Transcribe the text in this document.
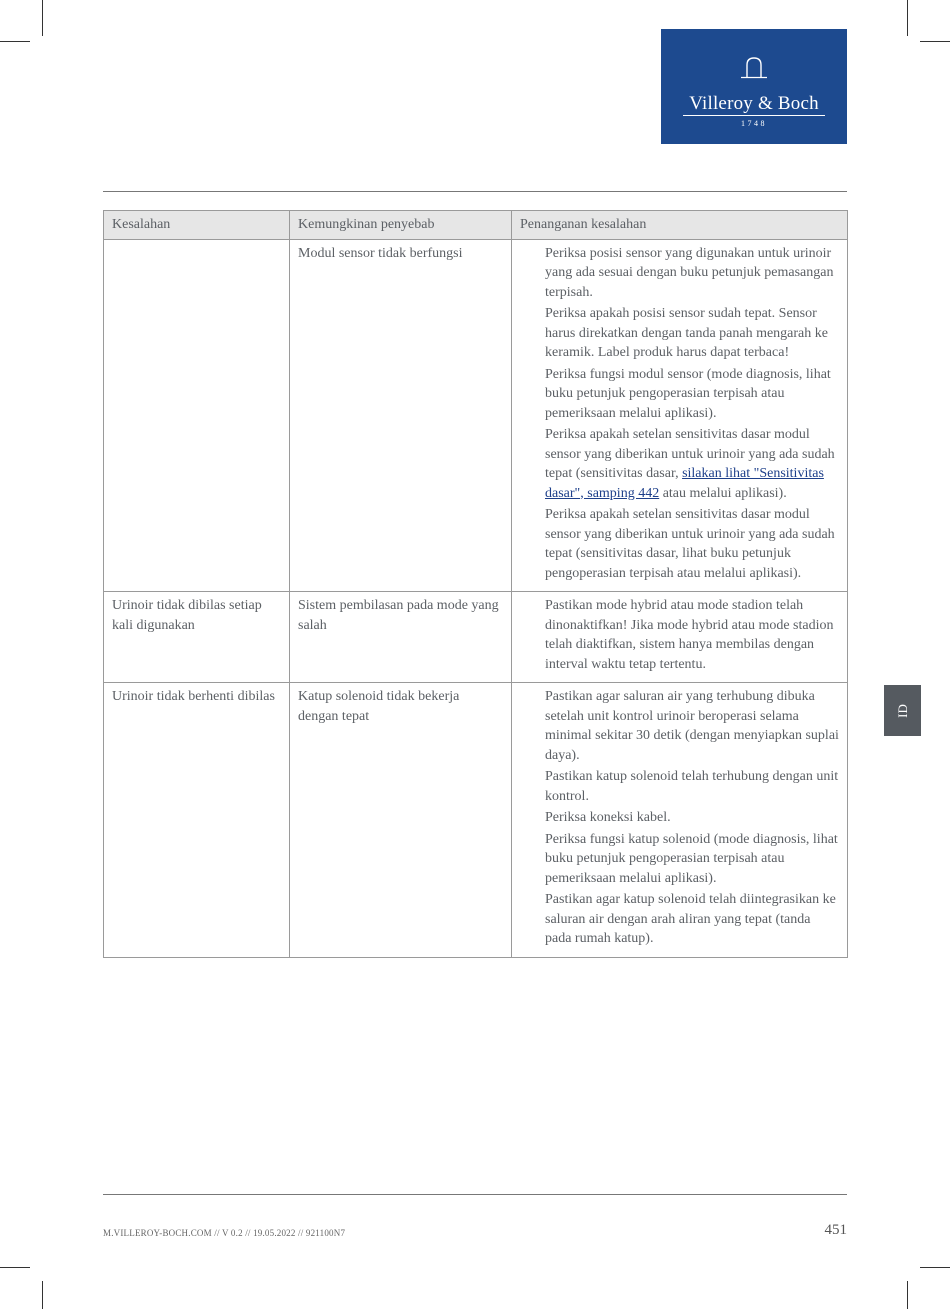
Villeroy & Boch
1748
Kesalahan	Kemungkinan penyebab	Penanganan kesalahan
	Modul sensor tidak berfungsi	Periksa posisi sensor yang digunakan untuk urinoir yang ada sesuai dengan buku petunjuk pemasangan terpisah.

Periksa apakah posisi sensor sudah tepat. Sensor harus direkatkan dengan tanda panah mengarah ke keramik. Label produk harus dapat terbaca!

Periksa fungsi modul sensor (mode diagnosis, lihat buku petunjuk pengoperasian terpisah atau pemeriksaan melalui aplikasi).

Periksa apakah setelan sensitivitas dasar modul sensor yang diberikan untuk urinoir yang ada sudah tepat (sensitivitas dasar, silakan lihat "Sensitivitas dasar", samping 442 atau melalui aplikasi).

Periksa apakah setelan sensitivitas dasar modul sensor yang diberikan untuk urinoir yang ada sudah tepat (sensitivitas dasar, lihat buku petunjuk pengoperasian terpisah atau melalui aplikasi).

Urinoir tidak dibilas setiap kali digunakan	Sistem pembilasan pada mode yang salah	Pastikan mode hybrid atau mode stadion telah dinonaktifkan! Jika mode hybrid atau mode stadion telah diaktifkan, sistem hanya membilas dengan interval waktu tetap tertentu.

Urinoir tidak berhenti dibilas	Katup solenoid tidak bekerja dengan tepat	Pastikan agar saluran air yang terhubung dibuka setelah unit kontrol urinoir beroperasi selama minimal sekitar 30 detik (dengan menyiapkan suplai daya).

Pastikan katup solenoid telah terhubung dengan unit kontrol.

Periksa koneksi kabel.

Periksa fungsi katup solenoid (mode diagnosis, lihat buku petunjuk pengoperasian terpisah atau pemeriksaan melalui aplikasi).

Pastikan agar katup solenoid telah diintegrasikan ke saluran air dengan arah aliran yang tepat (tanda pada rumah katup).

ID
M.VILLEROY-BOCH.COM // V 0.2 // 19.05.2022 // 921100N7	451
